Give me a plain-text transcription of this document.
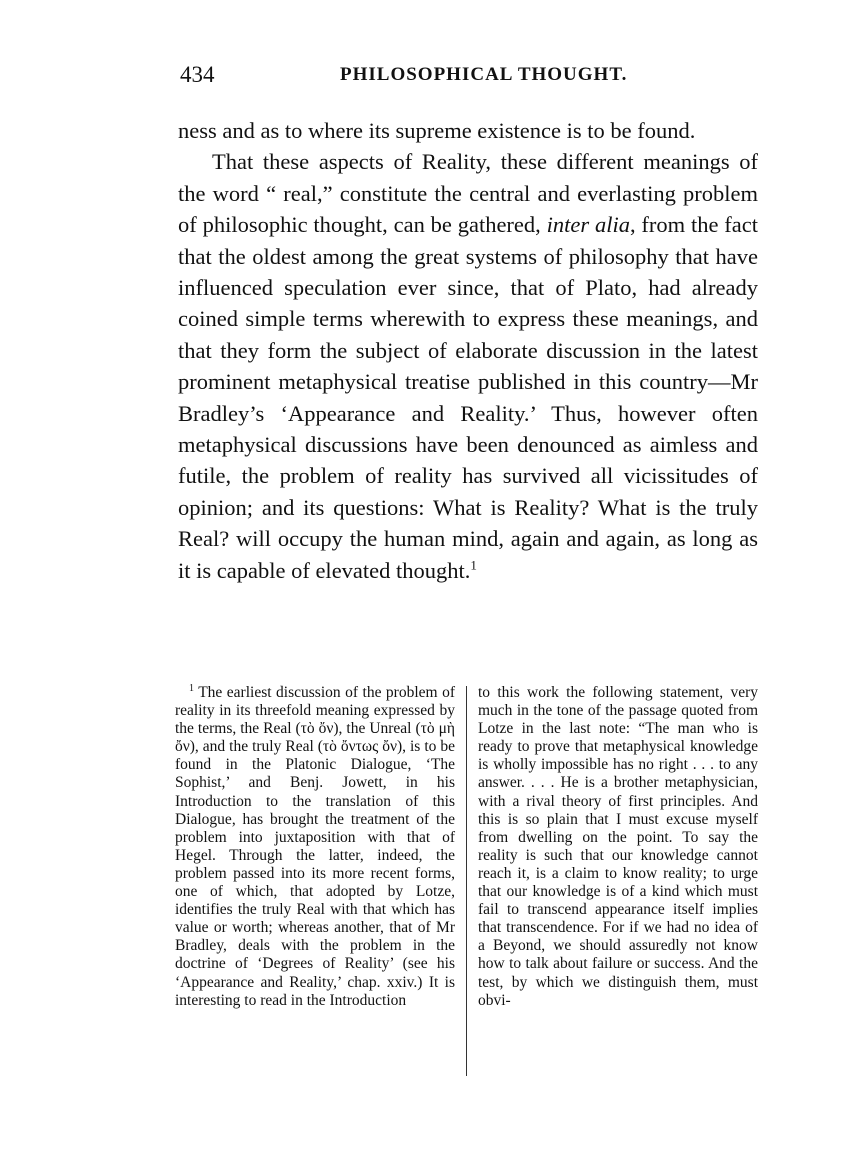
434	PHILOSOPHICAL THOUGHT.

ness and as to where its supreme existence is to be found.

That these aspects of Reality, these different meanings of the word “ real,” constitute the central and everlasting problem of philosophic thought, can be gathered, inter alia, from the fact that the oldest among the great systems of philosophy that have influenced speculation ever since, that of Plato, had already coined simple terms wherewith to express these meanings, and that they form the subject of elaborate discussion in the latest prominent metaphysical treatise published in this country—Mr Bradley’s ‘Appearance and Reality.’ Thus, however often metaphysical discussions have been denounced as aimless and futile, the problem of reality has survived all vicissitudes of opinion; and its questions: What is Reality? What is the truly Real? will occupy the human mind, again and again, as long as it is capable of elevated thought.$^1$

$^1$ The earliest discussion of the problem of reality in its threefold meaning expressed by the terms, the Real (τὸ ὄν), the Unreal (τὸ μὴ ὄν), and the truly Real (τὸ ὄντως ὄν), is to be found in the Platonic Dialogue, ‘The Sophist,’ and Benj. Jowett, in his Introduction to the translation of this Dialogue, has brought the treatment of the problem into juxtaposition with that of Hegel. Through the latter, indeed, the problem passed into its more recent forms, one of which, that adopted by Lotze, identifies the truly Real with that which has value or worth; whereas another, that of Mr Bradley, deals with the problem in the doctrine of ‘Degrees of Reality’ (see his ‘Appearance and Reality,’ chap. xxiv.) It is interesting to read in the Introduction

to this work the following statement, very much in the tone of the passage quoted from Lotze in the last note: “The man who is ready to prove that metaphysical knowledge is wholly impossible has no right . . . to any answer. . . . He is a brother metaphysician, with a rival theory of first principles. And this is so plain that I must excuse myself from dwelling on the point. To say the reality is such that our knowledge cannot reach it, is a claim to know reality; to urge that our knowledge is of a kind which must fail to transcend appearance itself implies that transcendence. For if we had no idea of a Beyond, we should assuredly not know how to talk about failure or success. And the test, by which we distinguish them, must obvi-
